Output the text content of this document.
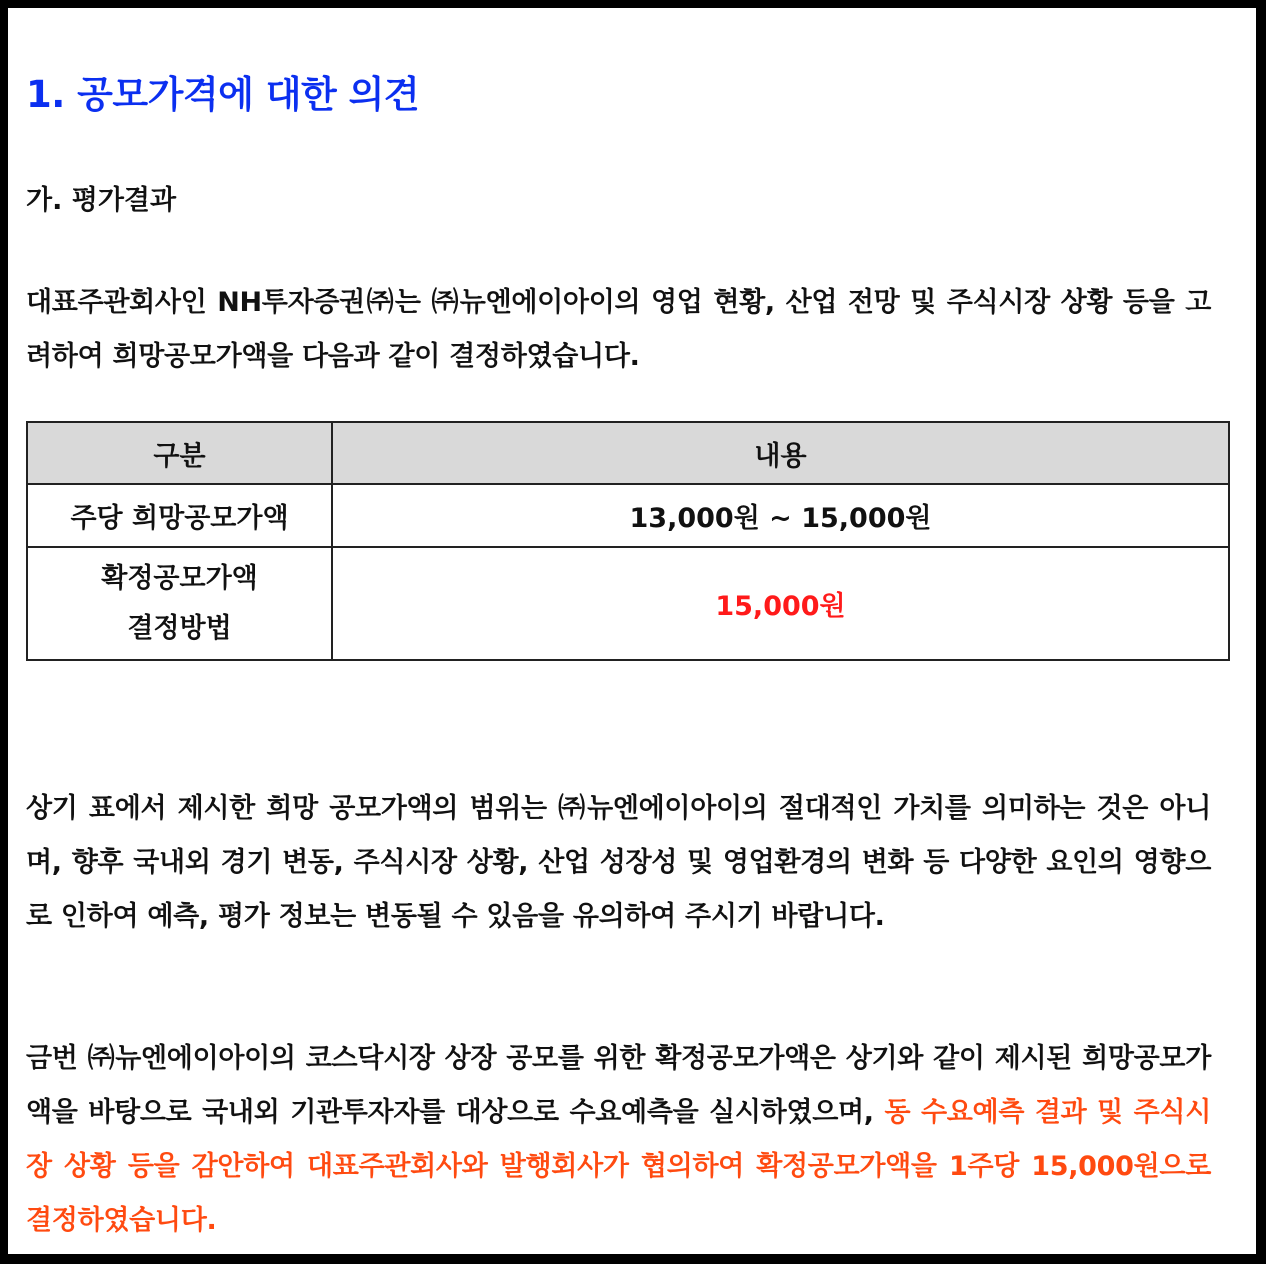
1. 공모가격에 대한 의견
가. 평가결과

대표주관회사인 NH투자증권㈜는 ㈜뉴엔에이아이의 영업 현황, 산업 전망 및 주식시장 상황 등을 고려하여 희망공모가액을 다음과 같이 결정하였습니다.

구분	내용
주당 희망공모가액	13,000원 ~ 15,000원
확정공모가액
결정방법	15,000원

상기 표에서 제시한 희망 공모가액의 범위는 ㈜뉴엔에이아이의 절대적인 가치를 의미하는 것은 아니며, 향후 국내외 경기 변동, 주식시장 상황, 산업 성장성 및 영업환경의 변화 등 다양한 요인의 영향으로 인하여 예측, 평가 정보는 변동될 수 있음을 유의하여 주시기 바랍니다.

금번 ㈜뉴엔에이아이의 코스닥시장 상장 공모를 위한 확정공모가액은 상기와 같이 제시된 희망공모가액을 바탕으로 국내외 기관투자자를 대상으로 수요예측을 실시하였으며, 동 수요예측 결과 및 주식시장 상황 등을 감안하여 대표주관회사와 발행회사가 협의하여 확정공모가액을 1주당 15,000원으로 결정하였습니다.
